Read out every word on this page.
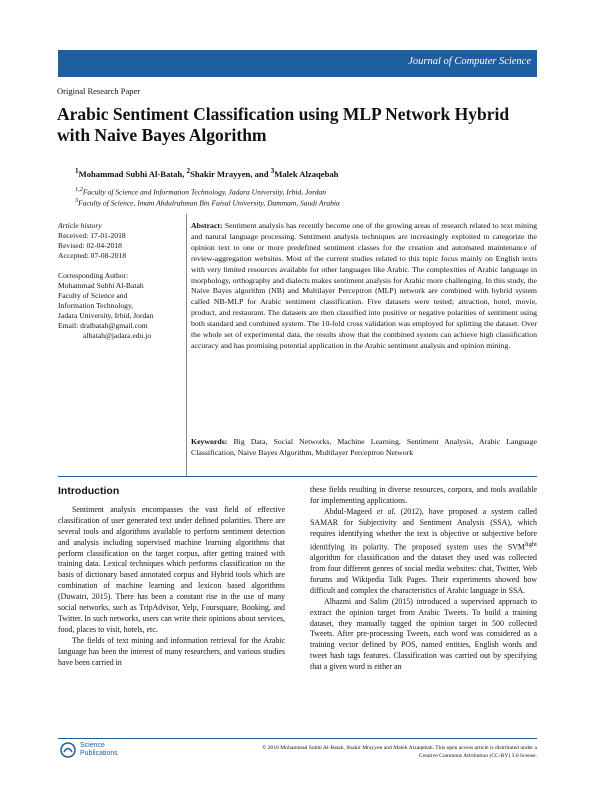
Journal of Computer Science
Original Research Paper
Arabic Sentiment Classification using MLP Network Hybrid with Naive Bayes Algorithm
$^1$Mohammad Subhi Al-Batah, $^2$Shakir Mrayyen, and $^3$Malek Alzaqebah
$^{1,2}$Faculty of Science and Information Technology, Jadara University, Irbid, Jordan
$^3$Faculty of Science, Imam Abdulrahman Bin Faisal University, Dammam, Saudi Arabia
Article history
Received: 17-01-2018
Revised: 02-04-2018
Accepted: 07-08-2018
Corresponding Author:
Mohammad Subhi Al-Batah
Faculty of Science and
Information Technology,
Jadara University, Irbid, Jordan
Email: dralbatah@gmail.com
albatah@jadara.edu.jo
Abstract: Sentiment analysis has recently become one of the growing areas of research related to text mining and natural language processing. Sentiment analysis techniques are increasingly exploited to categorize the opinion text to one or more predefined sentiment classes for the creation and automated maintenance of review-aggregation websites. Most of the current studies related to this topic focus mainly on English texts with very limited resources available for other languages like Arabic. The complexities of Arabic language in morphology, orthography and dialects makes sentiment analysis for Arabic more challenging. In this study, the Naive Bayes algorithm (NB) and Multilayer Perceptron (MLP) network are combined with hybrid system called NB-MLP for Arabic sentiment classification. Five datasets were tested; attraction, hotel, movie, product, and restaurant. The datasets are then classified into positive or negative polarities of sentiment using both standard and combined system. The 10-fold cross validation was employed for splitting the dataset. Over the whole set of experimental data, the results show that the combined system can achieve high classification accuracy and has promising potential application in the Arabic sentiment analysis and opinion mining.
Keywords: Big Data, Social Networks, Machine Learning, Sentiment Analysis, Arabic Language Classification, Naive Bayes Algorithm, Multilayer Perceptron Network
Introduction

Sentiment analysis encompasses the vast field of effective classification of user generated text under defined polarities. There are several tools and algorithms available to perform sentiment detection and analysis including supervised machine learning algorithms that perform classification on the target corpus, after getting trained with training data. Lexical techniques which performs classification on the basis of dictionary based annotated corpus and Hybrid tools which are combination of machine learning and lexicon based algorithms (Duwairi, 2015). There has been a constant rise in the use of many social networks, such as TripAdvisor, Yelp, Foursquare, Booking, and Twitter. In such networks, users can write their opinions about services, food, places to visit, hotels, etc.

The fields of text mining and information retrieval for the Arabic language has been the interest of many researchers, and various studies have been carried in

these fields resulting in diverse resources, corpora, and tools available for implementing applications.

Abdul-Mageed et al. (2012), have proposed a system called SAMAR for Subjectivity and Sentiment Analysis (SSA), which requires identifying whether the text is objective or subjective before identifying its polarity. The proposed system uses the $SVM^{light}$ algorithm for classification and the dataset they used was collected from four different genres of social media websites: chat, Twitter, Web forums and Wikipedia Talk Pages. Their experiments showed how difficult and complex the characteristics of Arabic language in SSA.

Alhazmi and Salim (2015) introduced a supervised approach to extract the opinion target from Arabic Tweets. To build a training dataset, they manually tagged the opinion target in 500 collected Tweets. After pre-processing Tweets, each word was considered as a training vector defined by POS, named entities, English words and tweet hash tags features. Classification was carried out by specifying that a given word is either an

Science
Publications
© 2018 Mohammad Subhi Al-Batah, Shakir Mrayyen and Malek Alzaqebah. This open access article is distributed under a
Creative Commons Attribution (CC-BY) 3.0 license.
